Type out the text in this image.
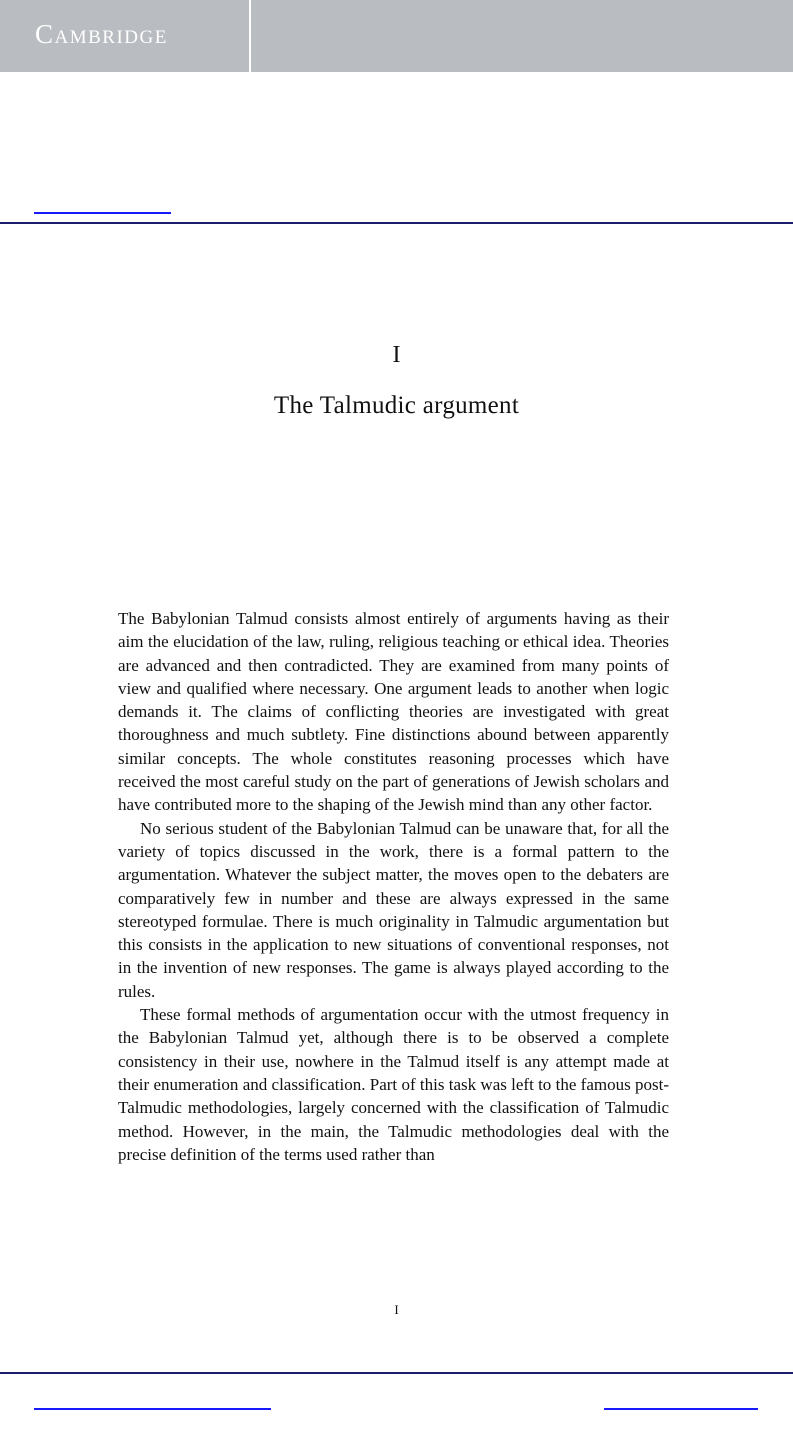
Cambridge
I
The Talmudic argument

The Babylonian Talmud consists almost entirely of arguments having as their aim the elucidation of the law, ruling, religious teaching or ethical idea. Theories are advanced and then contradicted. They are examined from many points of view and qualified where necessary. One argument leads to another when logic demands it. The claims of conflicting theories are investigated with great thoroughness and much subtlety. Fine distinctions abound between apparently similar concepts. The whole constitutes reasoning processes which have received the most careful study on the part of generations of Jewish scholars and have contributed more to the shaping of the Jewish mind than any other factor.

No serious student of the Babylonian Talmud can be unaware that, for all the variety of topics discussed in the work, there is a formal pattern to the argumentation. Whatever the subject matter, the moves open to the debaters are comparatively few in number and these are always expressed in the same stereotyped formulae. There is much originality in Talmudic argumentation but this consists in the application to new situations of conventional responses, not in the invention of new responses. The game is always played according to the rules.

These formal methods of argumentation occur with the utmost frequency in the Babylonian Talmud yet, although there is to be observed a complete consistency in their use, nowhere in the Talmud itself is any attempt made at their enumeration and classification. Part of this task was left to the famous post-Talmudic methodologies, largely concerned with the classification of Talmudic method. However, in the main, the Talmudic methodologies deal with the precise definition of the terms used rather than

I
